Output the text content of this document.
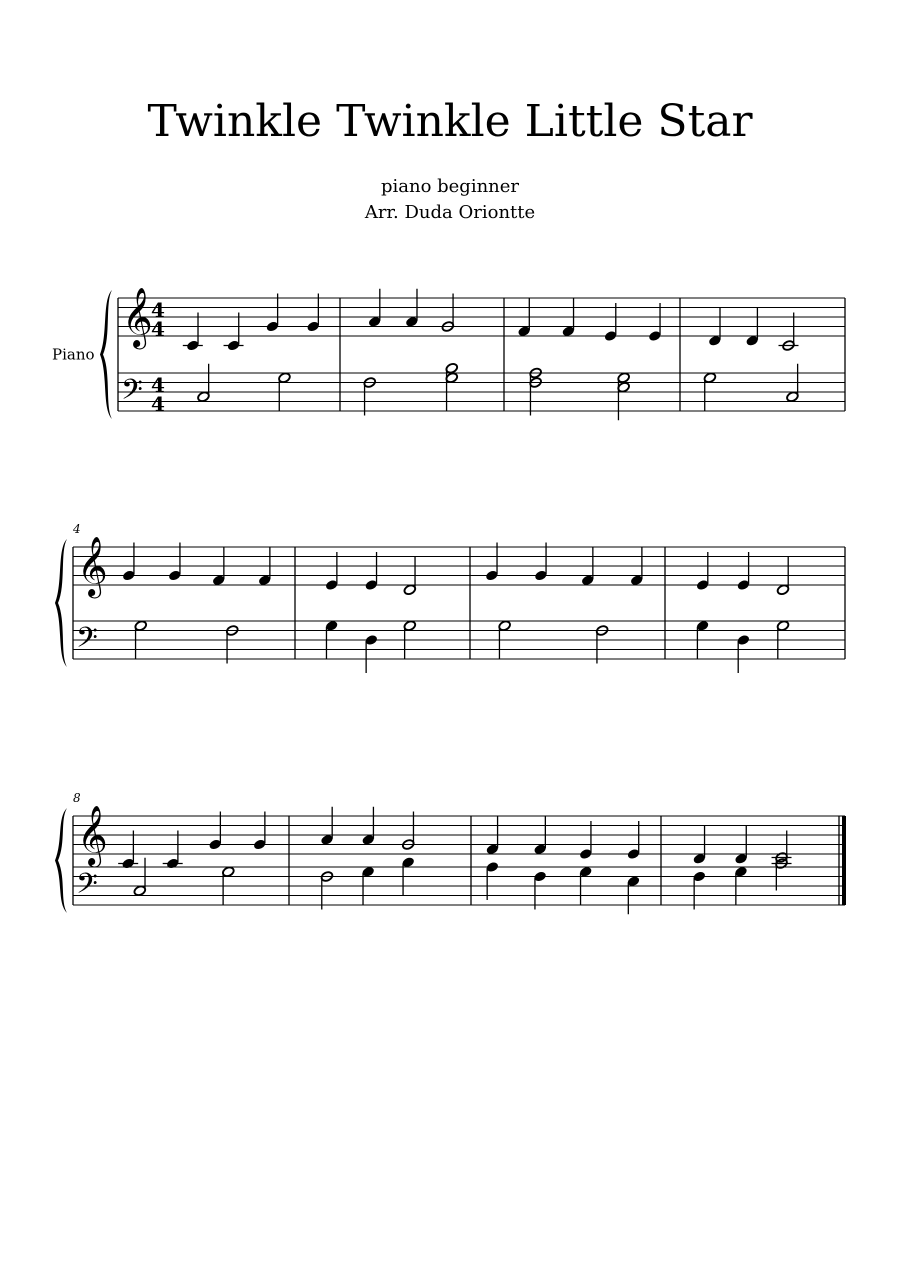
Twinkle Twinkle Little Star
piano beginner
Arr. Duda Oriontte
𝄞
𝄢
Piano
4
4
4
4
𝄞
𝄢
4
𝄞
𝄢
8
